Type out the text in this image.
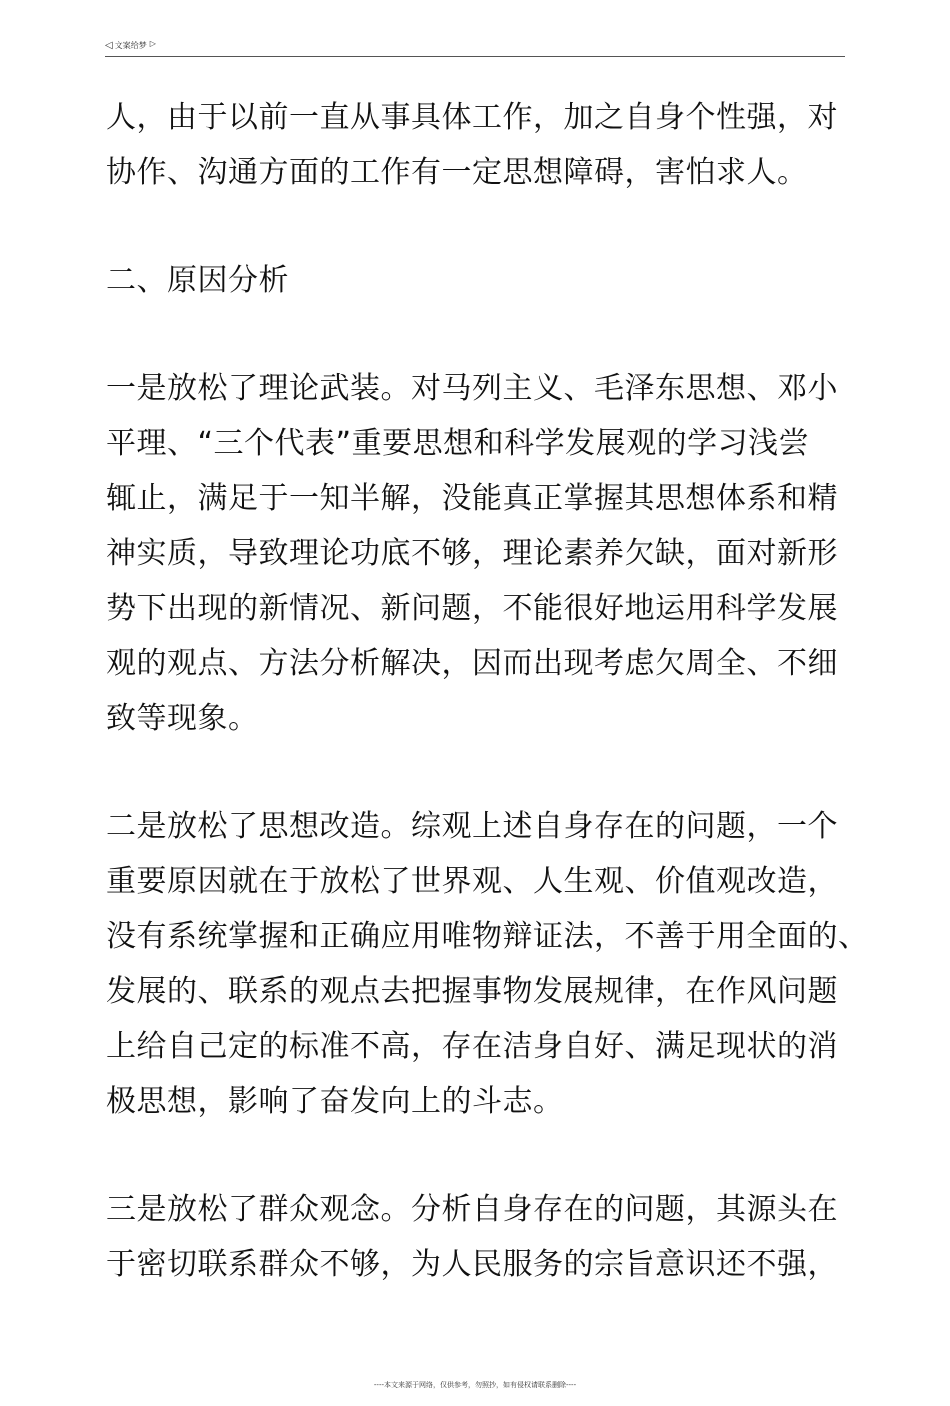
◁ 文案给梦 ▷
人，由于以前一直从事具体工作，加之自身个性强，对
协作、沟通方面的工作有一定思想障碍，害怕求人。
二、原因分析
一是放松了理论武装。对马列主义、毛泽东思想、邓小
平理、“三个代表”重要思想和科学发展观的学习浅尝
辄止，满足于一知半解，没能真正掌握其思想体系和精
神实质，导致理论功底不够，理论素养欠缺，面对新形
势下出现的新情况、新问题，不能很好地运用科学发展
观的观点、方法分析解决，因而出现考虑欠周全、不细
致等现象。
二是放松了思想改造。综观上述自身存在的问题，一个
重要原因就在于放松了世界观、人生观、价值观改造，
没有系统掌握和正确应用唯物辩证法，不善于用全面的、
发展的、联系的观点去把握事物发展规律，在作风问题
上给自己定的标准不高，存在洁身自好、满足现状的消
极思想，影响了奋发向上的斗志。
三是放松了群众观念。分析自身存在的问题，其源头在
于密切联系群众不够，为人民服务的宗旨意识还不强，
----本文来源于网络，仅供参考，勿照抄，如有侵权请联系删除----
